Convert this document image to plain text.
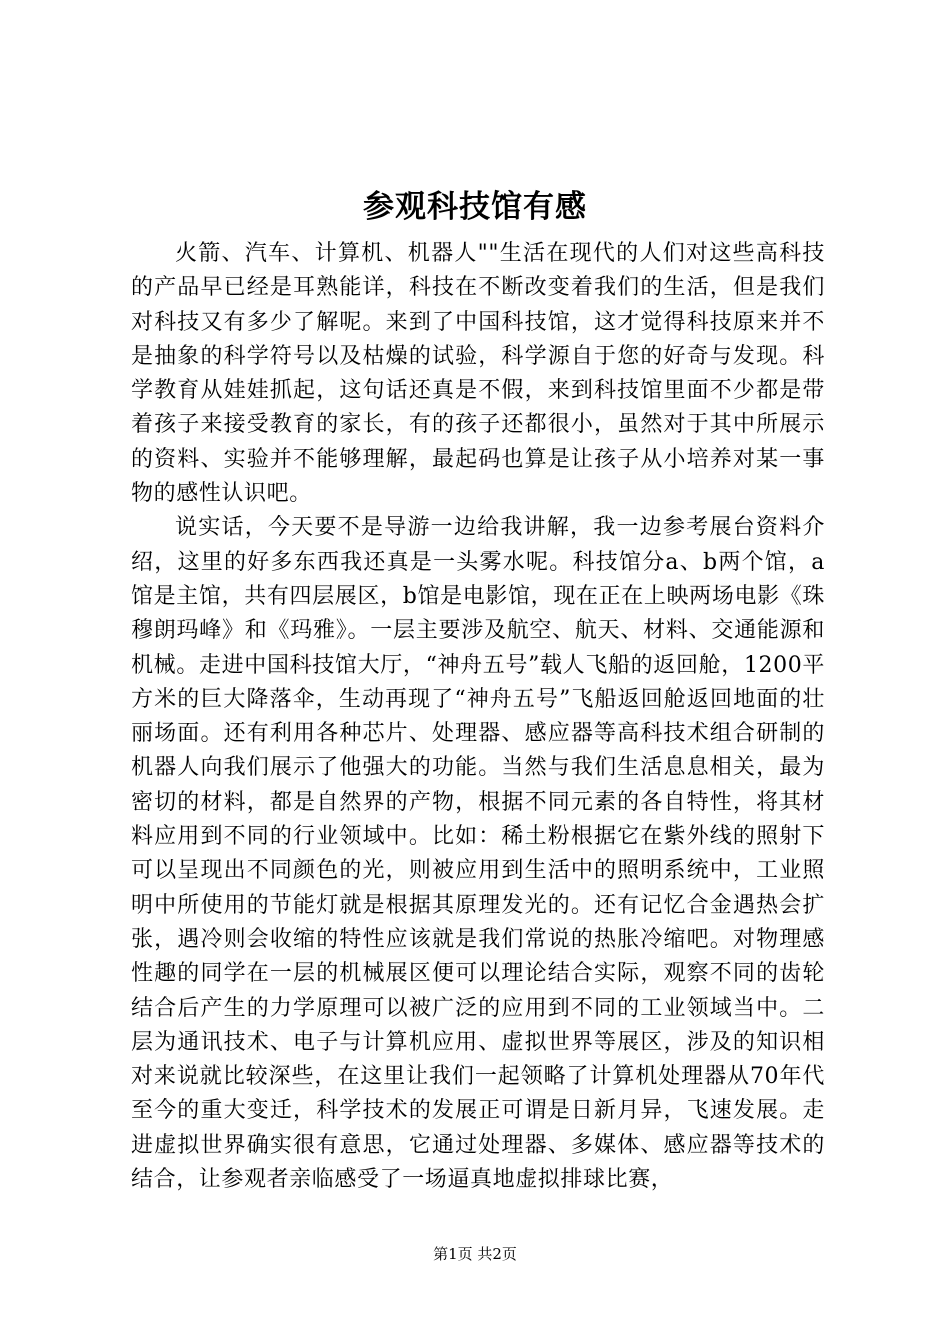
参观科技馆有感

火箭、汽车、计算机、机器人""生活在现代的人们对这些高科技的产品早已经是耳熟能详，科技在不断改变着我们的生活，但是我们对科技又有多少了解呢。来到了中国科技馆，这才觉得科技原来并不是抽象的科学符号以及枯燥的试验，科学源自于您的好奇与发现。科学教育从娃娃抓起，这句话还真是不假，来到科技馆里面不少都是带着孩子来接受教育的家长，有的孩子还都很小，虽然对于其中所展示的资料、实验并不能够理解，最起码也算是让孩子从小培养对某一事物的感性认识吧。

说实话，今天要不是导游一边给我讲解，我一边参考展台资料介绍，这里的好多东西我还真是一头雾水呢。科技馆分a、b两个馆，a馆是主馆，共有四层展区，b馆是电影馆，现在正在上映两场电影《珠穆朗玛峰》和《玛雅》。一层主要涉及航空、航天、材料、交通能源和机械。走进中国科技馆大厅，“神舟五号”载人飞船的返回舱，1200平方米的巨大降落伞，生动再现了“神舟五号”飞船返回舱返回地面的壮丽场面。还有利用各种芯片、处理器、感应器等高科技术组合研制的机器人向我们展示了他强大的功能。当然与我们生活息息相关，最为密切的材料，都是自然界的产物，根据不同元素的各自特性，将其材料应用到不同的行业领域中。比如：稀土粉根据它在紫外线的照射下可以呈现出不同颜色的光，则被应用到生活中的照明系统中，工业照明中所使用的节能灯就是根据其原理发光的。还有记忆合金遇热会扩张，遇冷则会收缩的特性应该就是我们常说的热胀冷缩吧。对物理感性趣的同学在一层的机械展区便可以理论结合实际，观察不同的齿轮结合后产生的力学原理可以被广泛的应用到不同的工业领域当中。二层为通讯技术、电子与计算机应用、虚拟世界等展区，涉及的知识相对来说就比较深些，在这里让我们一起领略了计算机处理器从70年代至今的重大变迁，科学技术的发展正可谓是日新月异，飞速发展。走进虚拟世界确实很有意思，它通过处理器、多媒体、感应器等技术的结合，让参观者亲临感受了一场逼真地虚拟排球比赛，

第1页 共2页
